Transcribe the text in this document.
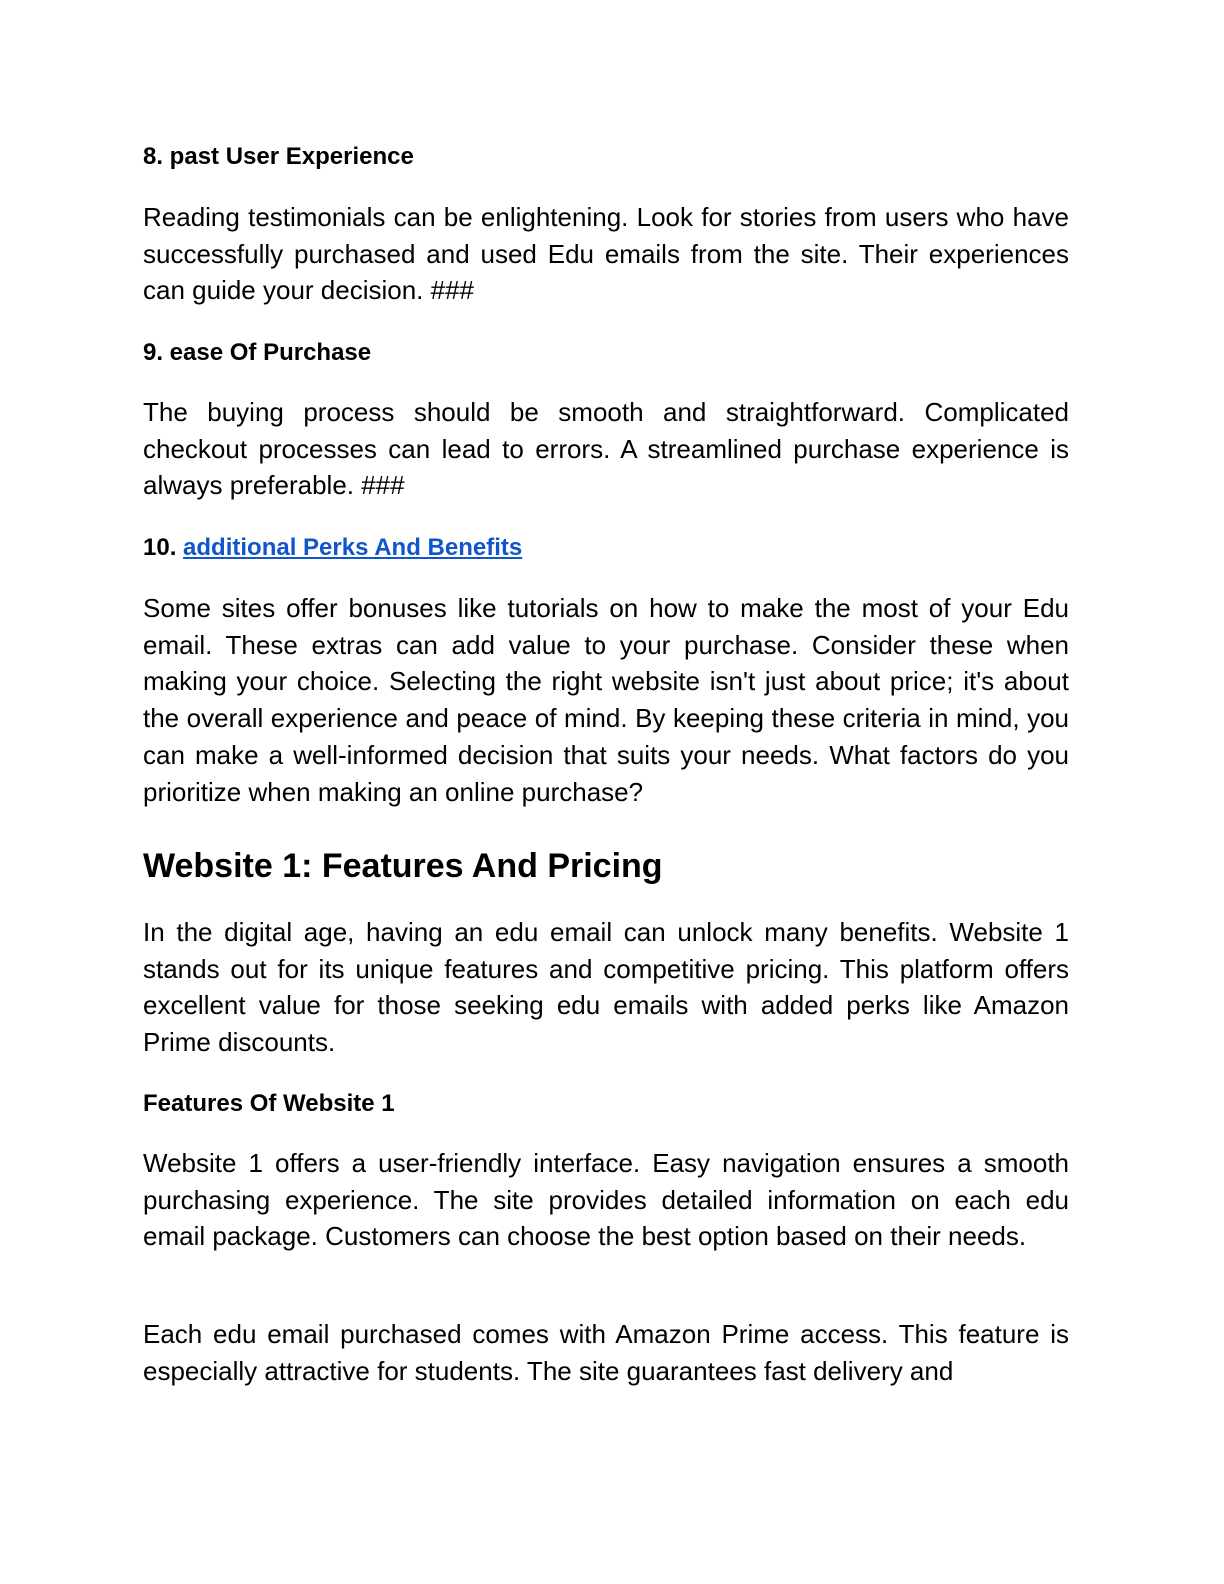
8. past User Experience

Reading testimonials can be enlightening. Look for stories from users who have successfully purchased and used Edu emails from the site. Their experiences can guide your decision. ###

9. ease Of Purchase

The buying process should be smooth and straightforward. Complicated checkout processes can lead to errors. A streamlined purchase experience is always preferable. ###

10. additional Perks And Benefits

Some sites offer bonuses like tutorials on how to make the most of your Edu email. These extras can add value to your purchase. Consider these when making your choice. Selecting the right website isn't just about price; it's about the overall experience and peace of mind. By keeping these criteria in mind, you can make a well-informed decision that suits your needs. What factors do you prioritize when making an online purchase?

Website 1: Features And Pricing

In the digital age, having an edu email can unlock many benefits. Website 1 stands out for its unique features and competitive pricing. This platform offers excellent value for those seeking edu emails with added perks like Amazon Prime discounts.

Features Of Website 1

Website 1 offers a user-friendly interface. Easy navigation ensures a smooth purchasing experience. The site provides detailed information on each edu email package. Customers can choose the best option based on their needs.

Each edu email purchased comes with Amazon Prime access. This feature is especially attractive for students. The site guarantees fast delivery and
